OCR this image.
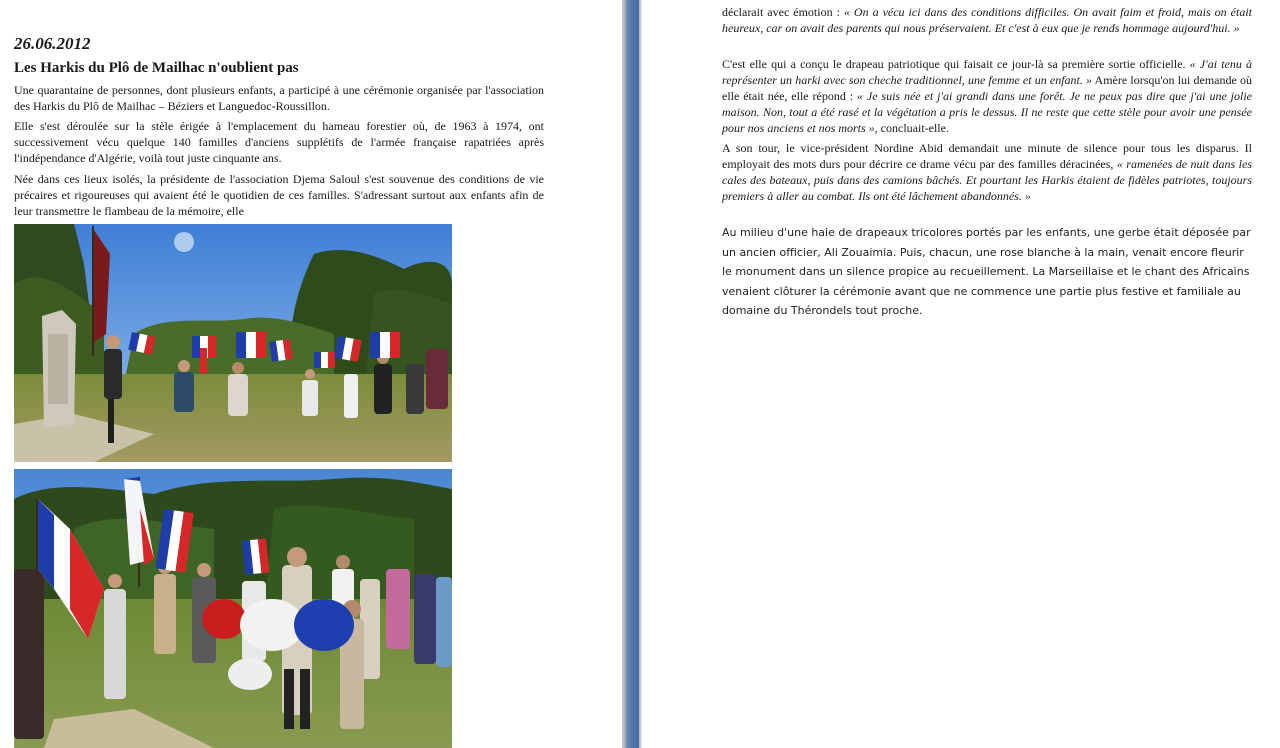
26.06.2012
Les Harkis du Plô de Mailhac n'oublient pas
Une quarantaine de personnes, dont plusieurs enfants, a participé à une cérémonie organisée par l'association des Harkis du Plô de Mailhac – Béziers et Languedoc-Roussillon.
Elle s'est déroulée sur la stèle érigée à l'emplacement du hameau forestier où, de 1963 à 1974, ont successivement vécu quelque 140 familles d'anciens supplétifs de l'armée française rapatriées après l'indépendance d'Algérie, voilà tout juste cinquante ans.
Née dans ces lieux isolés, la présidente de l'association Djema Saloul s'est souvenue des conditions de vie précaires et rigoureuses qui avaient été le quotidien de ces familles. S'adressant surtout aux enfants afin de leur transmettre le flambeau de la mémoire, elle
déclarait avec émotion : « On a vécu ici dans des conditions difficiles. On avait faim et froid, mais on était heureux, car on avait des parents qui nous préservaient. Et c'est à eux que je rends hommage aujourd'hui. »
C'est elle qui a conçu le drapeau patriotique qui faisait ce jour-là sa première sortie officielle. « J'ai tenu à représenter un harki avec son cheche traditionnel, une femme et un enfant. » Amère lorsqu'on lui demande où elle était née, elle répond : « Je suis née et j'ai grandi dans une forêt. Je ne peux pas dire que j'ai une jolie maison. Non, tout a été rasé et la végétation a pris le dessus. Il ne reste que cette stèle pour avoir une pensée pour nos anciens et nos morts », concluait-elle.
A son tour, le vice-président Nordine Abid demandait une minute de silence pour tous les disparus. Il employait des mots durs pour décrire ce drame vécu par des familles déracinées, « ramenées de nuit dans les cales des bateaux, puis dans des camions bâchés. Et pourtant les Harkis étaient de fidèles patriotes, toujours premiers à aller au combat. Ils ont été lâchement abandonnés. »
Au milieu d'une haie de drapeaux tricolores portés par les enfants, une gerbe était déposée par un ancien officier, Ali Zouaimia. Puis, chacun, une rose blanche à la main, venait encore fleurir le monument dans un silence propice au recueillement. La Marseillaise et le chant des Africains venaient clôturer la cérémonie avant que ne commence une partie plus festive et familiale au domaine du Thérondels tout proche.
